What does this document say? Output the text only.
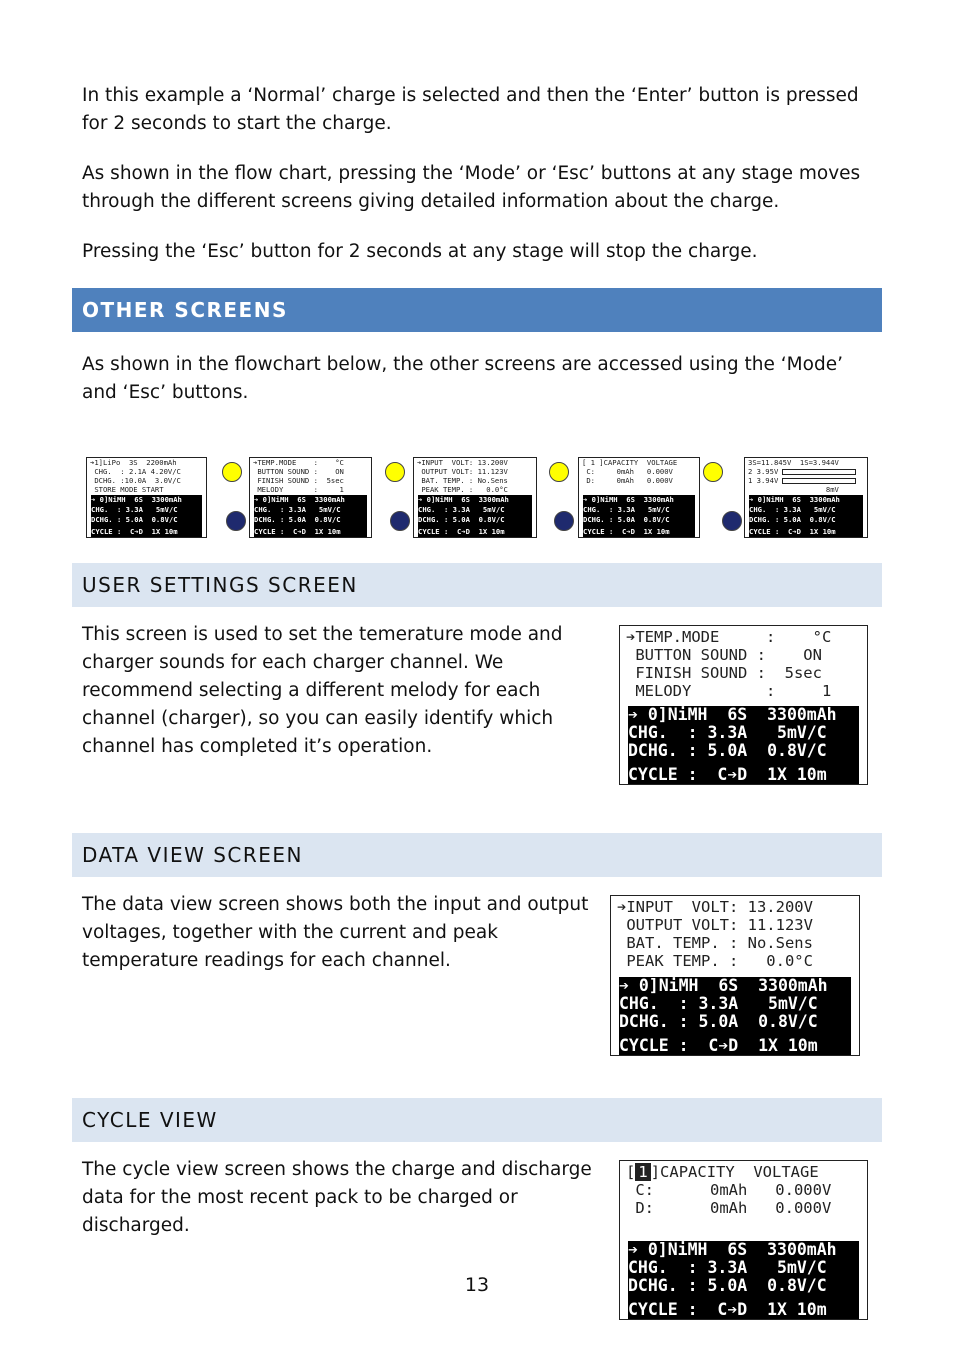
In this example a ‘Normal’ charge is selected and then the ‘Enter’ button is pressed
for 2 seconds to start the charge.

As shown in the flow chart, pressing the ‘Mode’ or ‘Esc’ buttons at any stage moves
through the different screens giving detailed information about the charge.

Pressing the ‘Esc’ button for 2 seconds at any stage will stop the charge.

OTHER SCREENS

As shown in the flowchart below, the other screens are accessed using the ‘Mode’
and ‘Esc’ buttons.

➔1]LiPo  3S  2200mAh
CHG.  : 2.1A 4.20V/C
DCHG. :10.0A  3.0V/C
STORE MODE START
➔ 0]NiMH  6S  3300mAh
CHG.  : 3.3A   5mV/C
DCHG. : 5.0A  0.8V/C
CYCLE :  C➔D  1X 10m
➔TEMP.MODE    :    °C
BUTTON SOUND :    ON
FINISH SOUND :  5sec
MELODY       :     1
➔ 0]NiMH  6S  3300mAh
CHG.  : 3.3A   5mV/C
DCHG. : 5.0A  0.8V/C
CYCLE :  C➔D  1X 10m
➔INPUT  VOLT: 13.200V
OUTPUT VOLT: 11.123V
BAT. TEMP. : No.Sens
PEAK TEMP. :   0.0°C
➔ 0]NiMH  6S  3300mAh
CHG.  : 3.3A   5mV/C
DCHG. : 5.0A  0.8V/C
CYCLE :  C➔D  1X 10m
[ 1 ]CAPACITY  VOLTAGE
C:     0mAh   0.000V
D:     0mAh   0.000V
➔ 0]NiMH  6S  3300mAh
CHG.  : 3.3A   5mV/C
DCHG. : 5.0A  0.8V/C
CYCLE :  C➔D  1X 10m
3S=11.845V  1S=3.944V
2 3.95V
1 3.94V
8mV
➔ 0]NiMH  6S  3300mAh
CHG.  : 3.3A   5mV/C
DCHG. : 5.0A  0.8V/C
CYCLE :  C➔D  1X 10m
USER SETTINGS SCREEN

This screen is used to set the temerature mode and
charger sounds for each charger channel. We
recommend selecting a different melody for each
channel (charger), so you can easily identify which
channel has completed it’s operation.

➔TEMP.MODE     :    °C
BUTTON SOUND :    ON
FINISH SOUND :  5sec
MELODY        :     1
➔ 0]NiMH  6S  3300mAh
CHG.  : 3.3A   5mV/C
DCHG. : 5.0A  0.8V/C
CYCLE :  C➔D  1X 10m
DATA VIEW SCREEN

The data view screen shows both the input and output
voltages, together with the current and peak
temperature readings for each channel.

➔INPUT  VOLT: 13.200V
OUTPUT VOLT: 11.123V
BAT. TEMP. : No.Sens
PEAK TEMP. :   0.0°C
➔ 0]NiMH  6S  3300mAh
CHG.  : 3.3A   5mV/C
DCHG. : 5.0A  0.8V/C
CYCLE :  C➔D  1X 10m
CYCLE VIEW

The cycle view screen shows the charge and discharge
data for the most recent pack to be charged or
discharged.

[ 1 ]CAPACITY  VOLTAGE
C:      0mAh   0.000V
D:      0mAh   0.000V
➔ 0]NiMH  6S  3300mAh
CHG.  : 3.3A   5mV/C
DCHG. : 5.0A  0.8V/C
CYCLE :  C➔D  1X 10m
13
